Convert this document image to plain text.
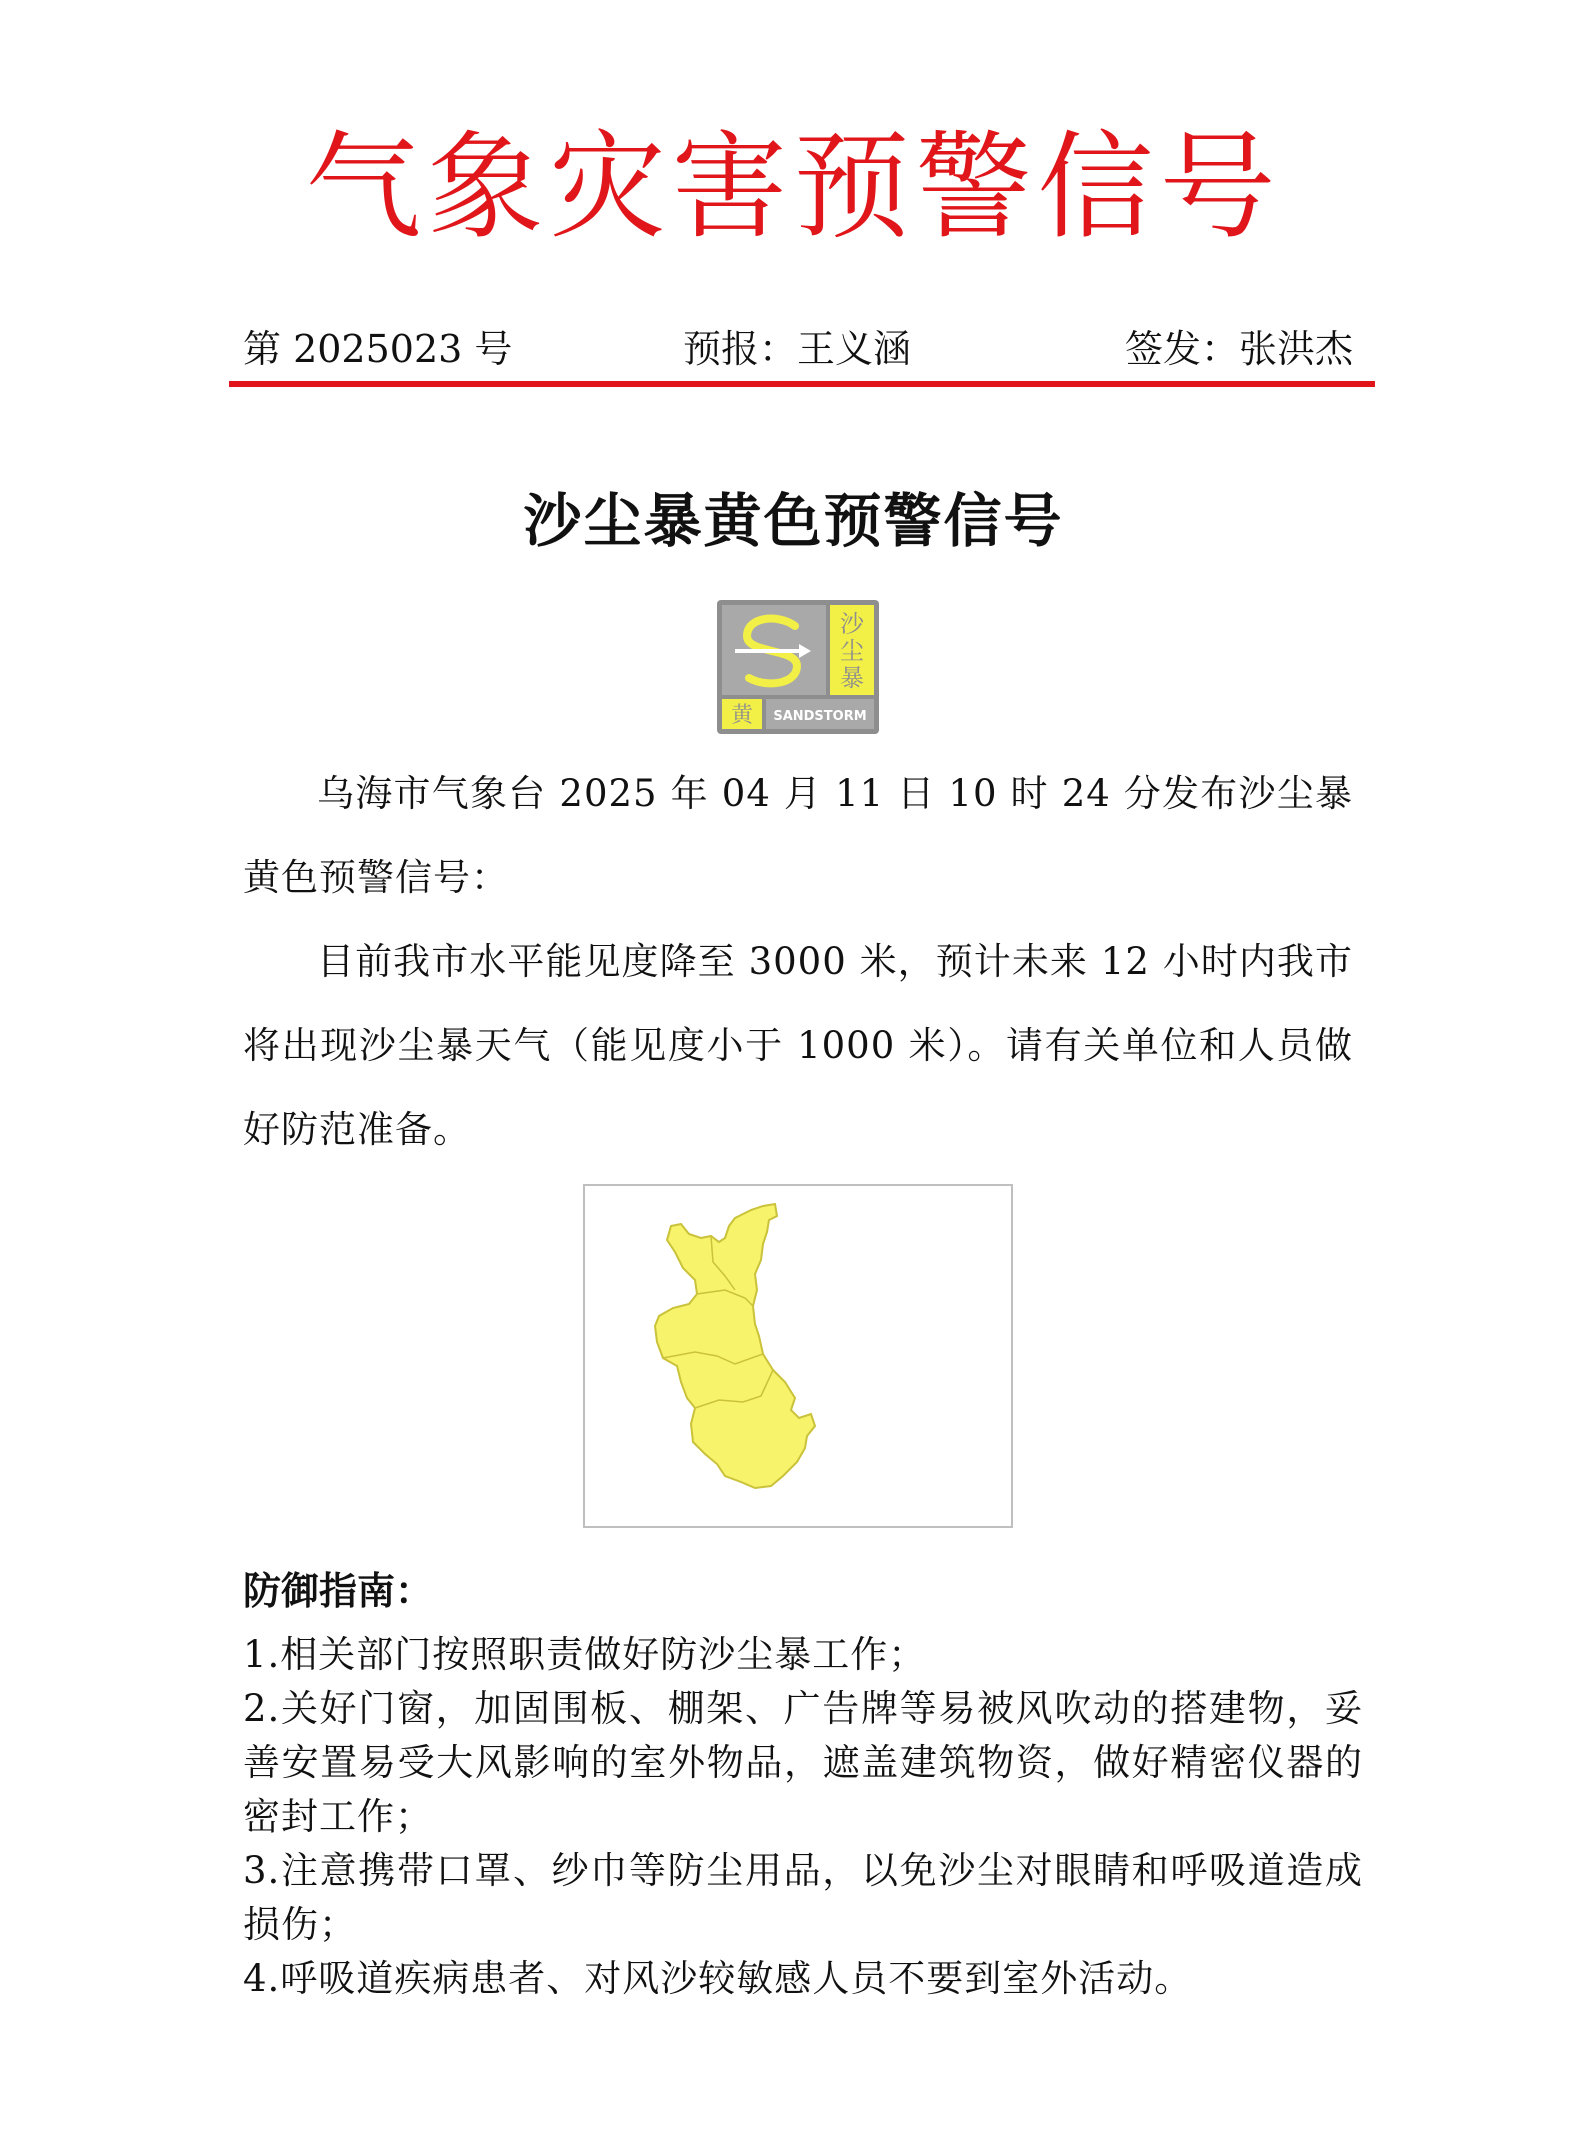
气象灾害预警信号
第 2025023 号	预报：王义涵	签发：张洪杰
沙尘暴黄色预警信号
沙尘暴
黄 SANDSTORM

乌海市气象台 2025 年 04 月 11 日 10 时 24 分发布沙尘暴黄色预警信号：

目前我市水平能见度降至 3000 米，预计未来 12 小时内我市将出现沙尘暴天气（能见度小于 1000 米）。请有关单位和人员做好防范准备。

防御指南：
1.相关部门按照职责做好防沙尘暴工作；
2.关好门窗，加固围板、棚架、广告牌等易被风吹动的搭建物，妥善安置易受大风影响的室外物品，遮盖建筑物资，做好精密仪器的密封工作；
3.注意携带口罩、纱巾等防尘用品，以免沙尘对眼睛和呼吸道造成损伤；
4.呼吸道疾病患者、对风沙较敏感人员不要到室外活动。
